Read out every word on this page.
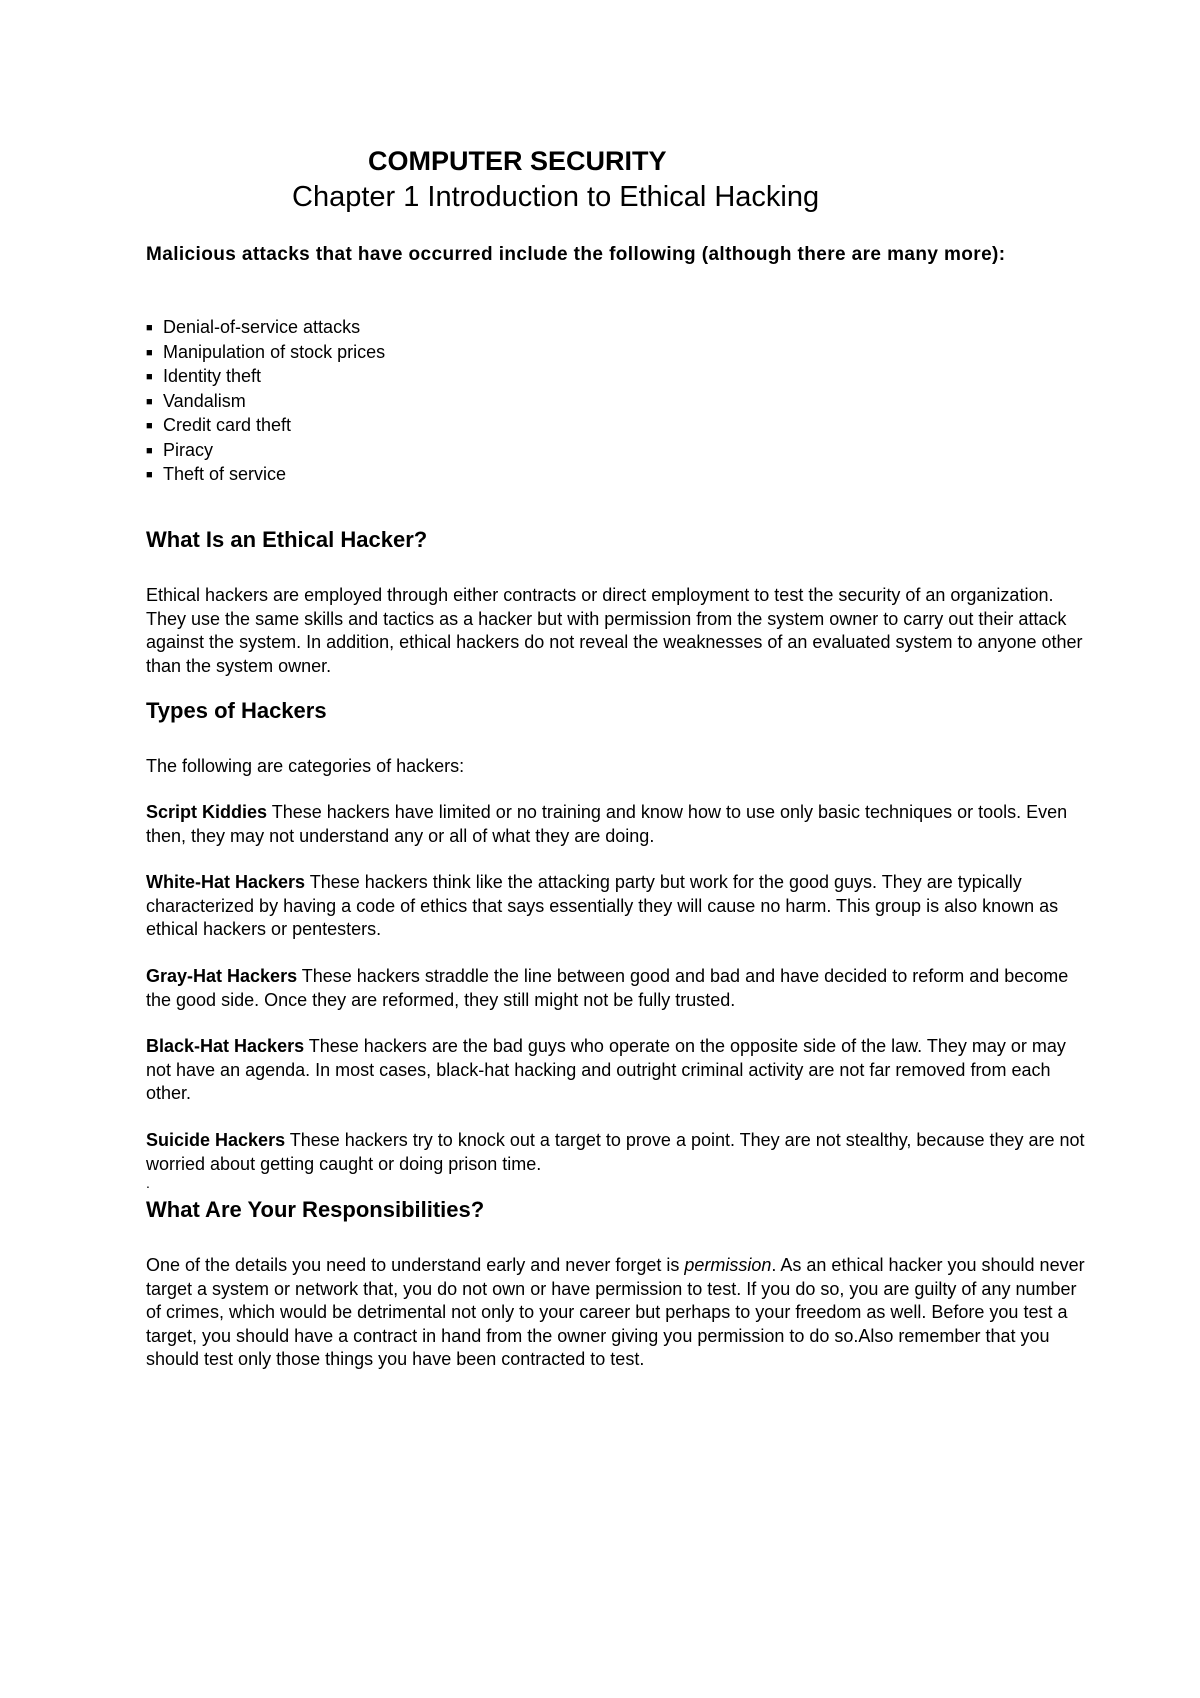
COMPUTER SECURITY
Chapter 1 Introduction to Ethical Hacking

Malicious attacks that have occurred include the following (although there are many more):

■ Denial-of-service attacks
■ Manipulation of stock prices
■ Identity theft
■ Vandalism
■ Credit card theft
■ Piracy
■ Theft of service
What Is an Ethical Hacker?

Ethical hackers are employed through either contracts or direct employment to test the security of an organization. They use the same skills and tactics as a hacker but with permission from the system owner to carry out their attack against the system. In addition, ethical hackers do not reveal the weaknesses of an evaluated system to anyone other than the system owner.

Types of Hackers

The following are categories of hackers:

Script Kiddies These hackers have limited or no training and know how to use only basic techniques or tools. Even then, they may not understand any or all of what they are doing.

White-Hat Hackers These hackers think like the attacking party but work for the good guys. They are typically characterized by having a code of ethics that says essentially they will cause no harm. This group is also known as ethical hackers or pentesters.

Gray-Hat Hackers These hackers straddle the line between good and bad and have decided to reform and become the good side. Once they are reformed, they still might not be fully trusted.

Black-Hat Hackers These hackers are the bad guys who operate on the opposite side of the law. They may or may not have an agenda. In most cases, black-hat hacking and outright criminal activity are not far removed from each other.

Suicide Hackers These hackers try to knock out a target to prove a point. They are not stealthy, because they are not worried about getting caught or doing prison time.

.

What Are Your Responsibilities?

One of the details you need to understand early and never forget is permission. As an ethical hacker you should never target a system or network that, you do not own or have permission to test. If you do so, you are guilty of any number of crimes, which would be detrimental not only to your career but perhaps to your freedom as well. Before you test a target, you should have a contract in hand from the owner giving you permission to do so.Also remember that you should test only those things you have been contracted to test.
